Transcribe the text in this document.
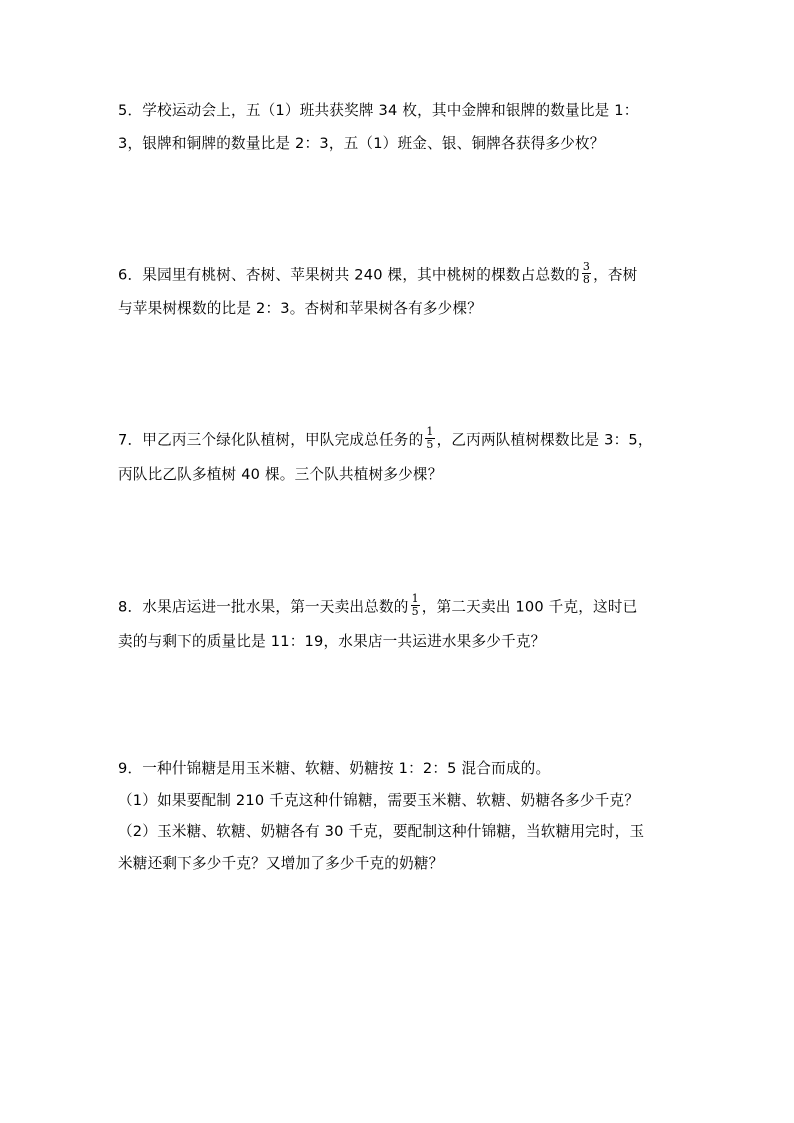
5．学校运动会上，五（1）班共获奖牌 34 枚，其中金牌和银牌的数量比是 1：
3，银牌和铜牌的数量比是 2：3，五（1）班金、银、铜牌各获得多少枚？
6．果园里有桃树、杏树、苹果树共 240 棵，其中桃树的棵数占总数的 $\frac{3}{8}$ ，杏树
与苹果树棵数的比是 2：3。杏树和苹果树各有多少棵？
7．甲乙丙三个绿化队植树，甲队完成总任务的 $\frac{1}{5}$ ，乙丙两队植树棵数比是 3：5，
丙队比乙队多植树 40 棵。三个队共植树多少棵？
8．水果店运进一批水果，第一天卖出总数的 $\frac{1}{5}$ ，第二天卖出 100 千克，这时已
卖的与剩下的质量比是 11：19，水果店一共运进水果多少千克？
9．一种什锦糖是用玉米糖、软糖、奶糖按 1：2：5 混合而成的。
（1）如果要配制 210 千克这种什锦糖，需要玉米糖、软糖、奶糖各多少千克？
（2）玉米糖、软糖、奶糖各有 30 千克，要配制这种什锦糖，当软糖用完时，玉
米糖还剩下多少千克？又增加了多少千克的奶糖？
